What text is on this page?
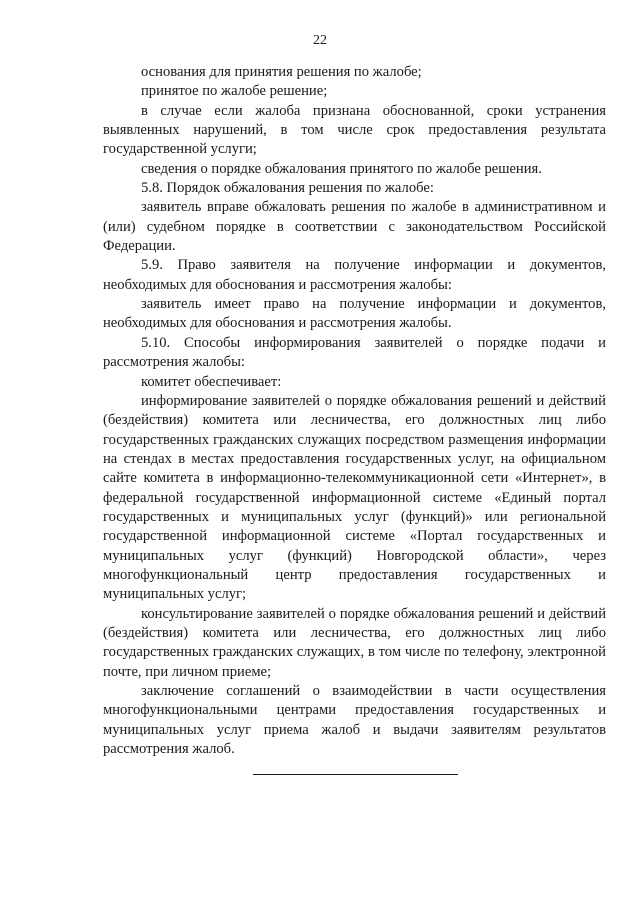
22

основания для принятия решения по жалобе;

принятое по жалобе решение;

в случае если жалоба признана обоснованной, сроки устранения выявленных нарушений, в том числе срок предоставления результата государственной услуги;

сведения о порядке обжалования принятого по жалобе решения.

5.8. Порядок обжалования решения по жалобе:

заявитель вправе обжаловать решения по жалобе в административном и (или) судебном порядке в соответствии с законодательством Российской Федерации.

5.9. Право заявителя на получение информации и документов, необходимых для обоснования и рассмотрения жалобы:

заявитель имеет право на получение информации и документов, необходимых для обоснования и рассмотрения жалобы.

5.10. Способы информирования заявителей о порядке подачи и рассмотрения жалобы:

комитет обеспечивает:

информирование заявителей о порядке обжалования решений и действий (бездействия) комитета или лесничества, его должностных лиц либо государственных гражданских служащих посредством размещения информации на стендах в местах предоставления государственных услуг, на официальном сайте комитета в информационно-телекоммуникационной сети «Интернет», в федеральной государственной информационной системе «Единый портал государственных и муниципальных услуг (функций)» или региональной государственной информационной системе «Портал государственных и муниципальных услуг (функций) Новгородской области», через многофункциональный центр предоставления государственных и муниципальных услуг;

консультирование заявителей о порядке обжалования решений и действий (бездействия) комитета или лесничества, его должностных лиц либо государственных гражданских служащих, в том числе по телефону, электронной почте, при личном приеме;

заключение соглашений о взаимодействии в части осуществления многофункциональными центрами предоставления государственных и муниципальных услуг приема жалоб и выдачи заявителям результатов рассмотрения жалоб.
